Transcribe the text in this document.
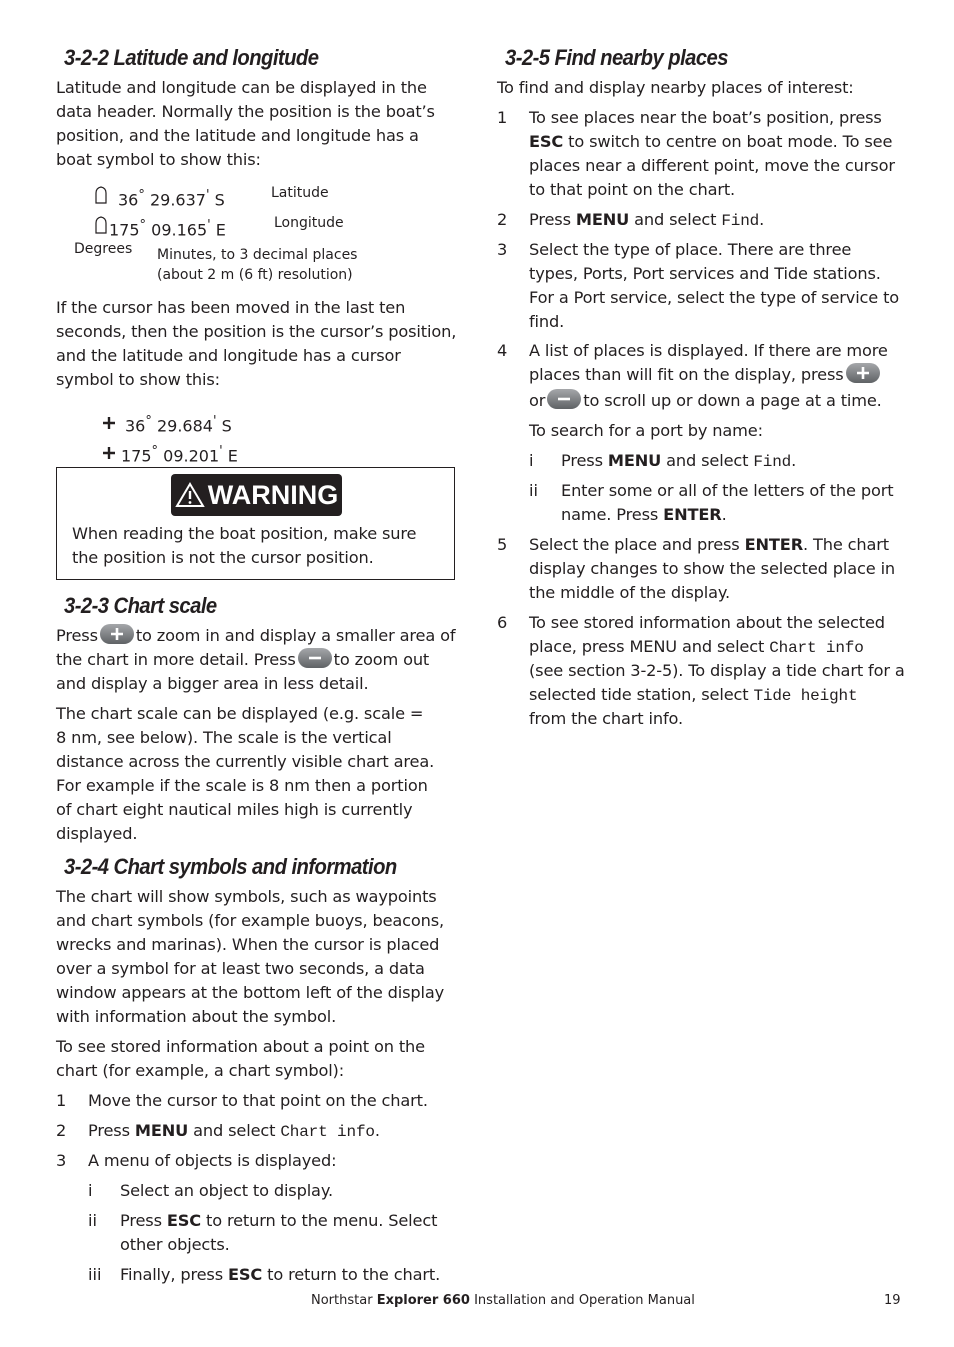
3-2-2 Latitude and longitude

Latitude and longitude can be displayed in the data header. Normally the position is the boat’s position, and the latitude and longitude has a boat symbol to show this:

36° 29.637' S	Latitude
175° 09.165' E	Longitude
Degrees Minutes, to 3 decimal places
(about 2 m (6 ft) resolution)

If the cursor has been moved in the last ten seconds, then the position is the cursor’s position, and the latitude and longitude has a cursor symbol to show this:

36° 29.684' S
175° 09.201' E
WARNING

When reading the boat position, make sure the position is not the cursor position.

3-2-3 Chart scale
Press to zoom in and display a smaller area of
the chart in more detail. Press to zoom out
and display a bigger area in less detail.

The chart scale can be displayed (e.g. scale = 8 nm, see below). The scale is the vertical distance across the currently visible chart area. For example if the scale is 8 nm then a portion of chart eight nautical miles high is currently displayed.

3-2-4 Chart symbols and information

The chart will show symbols, such as waypoints and chart symbols (for example buoys, beacons, wrecks and marinas). When the cursor is placed over a symbol for at least two seconds, a data window appears at the bottom left of the display with information about the symbol.

To see stored information about a point on the chart (for example, a chart symbol):

1 Move the cursor to that point on the chart.
2 Press MENU and select Chart info.
3 A menu of objects is displayed:
i Select an object to display.
ii Press ESC to return to the menu. Select
other objects.
iii Finally, press ESC to return to the chart.
3-2-5 Find nearby places
To find and display nearby places of interest:
1 To see places near the boat’s position, press
ESC to switch to centre on boat mode. To see
places near a different point, move the cursor
to that point on the chart.
2 Press MENU and select Find.
3 Select the type of place. There are three types, Ports, Port services and Tide stations. For a Port service, select the type of service to find.

4 A list of places is displayed. If there are more
places than will fit on the display, press
or to scroll up or down a page at a time.
To search for a port by name:
i Press MENU and select Find.
ii Enter some or all of the letters of the port
name. Press ENTER.
5 Select the place and press ENTER. The chart
display changes to show the selected place in
the middle of the display.
6 To see stored information about the selected
place, press MENU and select Chart info
(see section 3-2-5). To display a tide chart for a
selected tide station, select Tide height
from the chart info.
Northstar Explorer 660 Installation and Operation Manual	19
